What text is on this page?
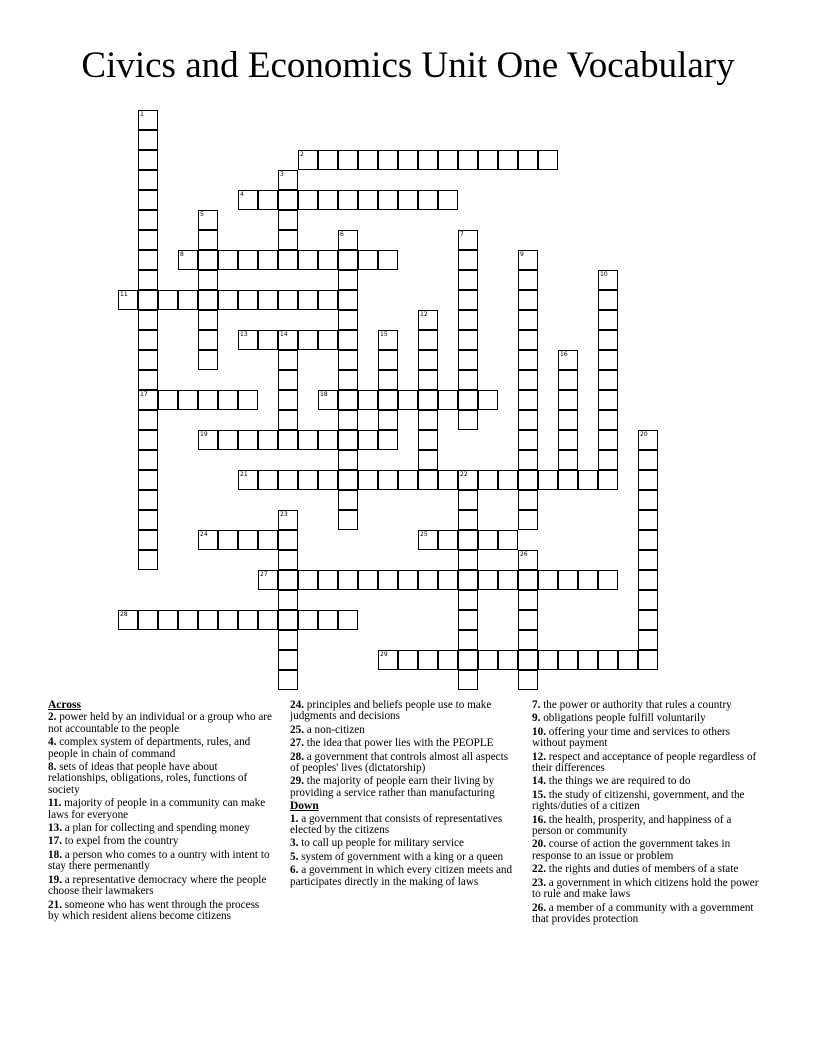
Civics and Economics Unit One Vocabulary
1
17
2
3
4
5
6	7
8	9
10
11
12
13	14	15
16
18
19	20
21	22
23
24	25
26
27
28
29
Across
2. power held by an individual or a group who are not accountable to the people
4. complex system of departments, rules, and people in chain of command
8. sets of ideas that people have about relationships, obligations, roles, functions of society
11. majority of people in a community can make laws for everyone
13. a plan for collecting and spending money
17. to expel from the country
18. a person who comes to a ountry with intent to stay there permenantly
19. a representative democracy where the people choose their lawmakers
21. someone who has went through the process by which resident aliens become citizens
24. principles and beliefs people use to make judgments and decisions
25. a non-citizen
27. the idea that power lies with the PEOPLE
28. a government that controls almost all aspects of peoples' lives (dictatorship)
29. the majority of people earn their living by providing a service rather than manufacturing
Down
1. a government that consists of representatives elected by the citizens
3. to call up people for military service
5. system of government with a king or a queen
6. a government in which every citizen meets and participates directly in the making of laws
7. the power or authority that rules a country
9. obligations people fulfill voluntarily
10. offering your time and services to others without payment
12. respect and acceptance of people regardless of their differences
14. the things we are required to do
15. the study of citizenshi, government, and the rights/duties of a citizen
16. the health, prosperity, and happiness of a person or community
20. course of action the government takes in response to an issue or problem
22. the rights and duties of members of a state
23. a government in which citizens hold the power to rule and make laws
26. a member of a community with a government that provides protection
